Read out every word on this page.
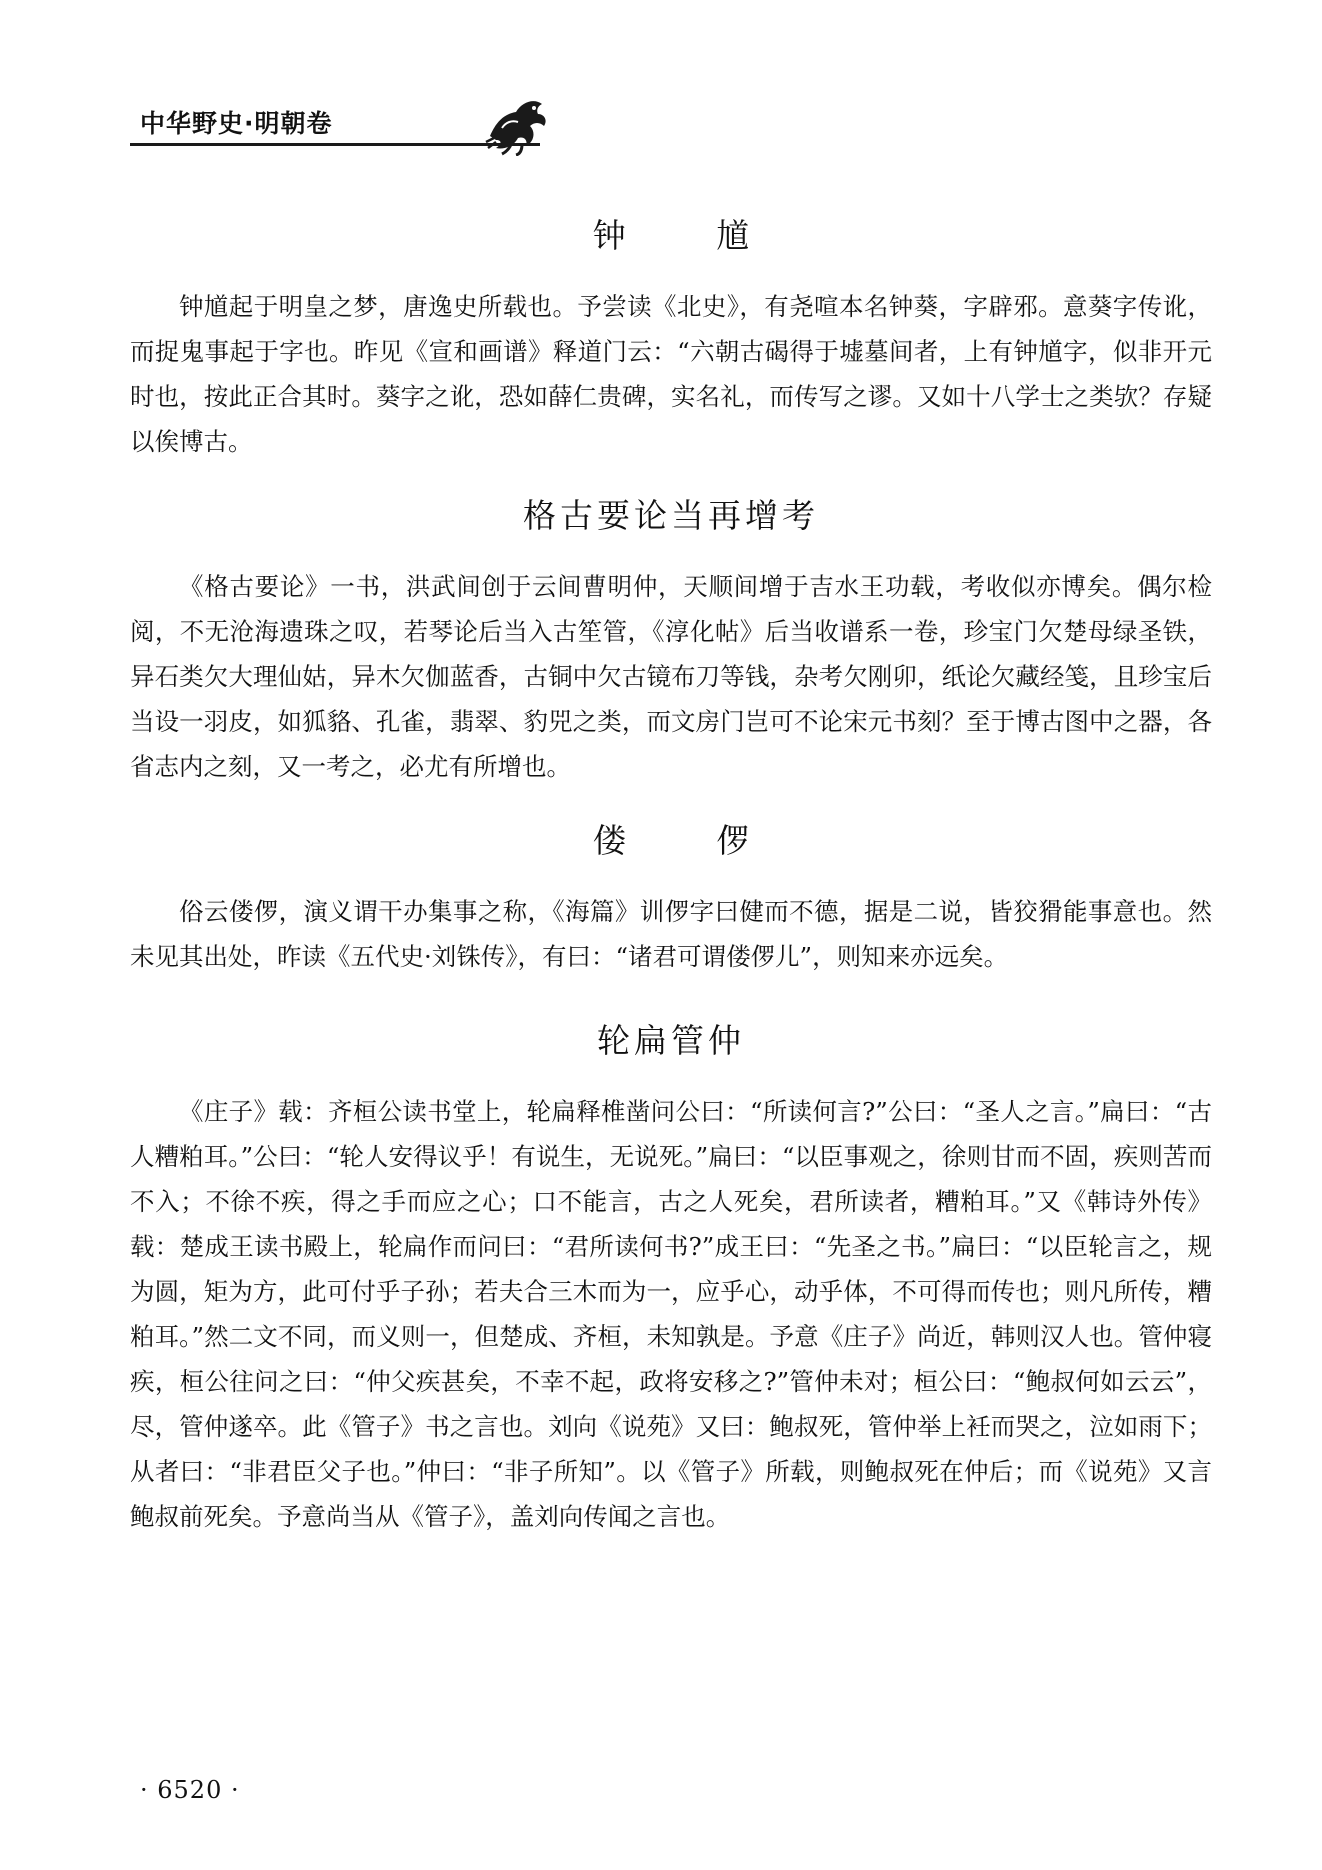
中华野史·明朝卷
钟 馗

钟馗起于明皇之梦，唐逸史所载也。予尝读《北史》，有尧喧本名钟葵，字辟邪。意葵字传讹，而捉鬼事起于字也。昨见《宣和画谱》释道门云：“六朝古碣得于墟墓间者，上有钟馗字，似非开元时也，按此正合其时。葵字之讹，恐如薛仁贵碑，实名礼，而传写之谬。又如十八学士之类欤？存疑以俟博古。

格古要论当再增考

《格古要论》一书，洪武间创于云间曹明仲，天顺间增于吉水王功载，考收似亦博矣。偶尔检阅，不无沧海遗珠之叹，若琴论后当入古笙管，《淳化帖》后当收谱系一卷，珍宝门欠楚母绿圣铁，异石类欠大理仙姑，异木欠伽蓝香，古铜中欠古镜布刀等钱，杂考欠刚卯，纸论欠藏经笺，且珍宝后当设一羽皮，如狐貉、孔雀，翡翠、豹兕之类，而文房门岂可不论宋元书刻？至于博古图中之器，各省志内之刻，又一考之，必尤有所增也。

偻 㑩

俗云偻㑩，演义谓干办集事之称，《海篇》训㑩字曰健而不德，据是二说，皆狡猾能事意也。然未见其出处，昨读《五代史·刘铢传》，有曰：“诸君可谓偻㑩儿”，则知来亦远矣。

轮扁管仲

《庄子》载：齐桓公读书堂上，轮扁释椎凿问公曰：“所读何言?”公曰：“圣人之言。”扁曰：“古人糟粕耳。”公曰：“轮人安得议乎！有说生，无说死。”扁曰：“以臣事观之，徐则甘而不固，疾则苦而不入；不徐不疾，得之手而应之心；口不能言，古之人死矣，君所读者，糟粕耳。”又《韩诗外传》载：楚成王读书殿上，轮扁作而问曰：“君所读何书?”成王曰：“先圣之书。”扁曰：“以臣轮言之，规为圆，矩为方，此可付乎子孙；若夫合三木而为一，应乎心，动乎体，不可得而传也；则凡所传，糟粕耳。”然二文不同，而义则一，但楚成、齐桓，未知孰是。予意《庄子》尚近，韩则汉人也。管仲寝疾，桓公往问之曰：“仲父疾甚矣，不幸不起，政将安移之?”管仲未对；桓公曰：“鲍叔何如云云”，尽，管仲遂卒。此《管子》书之言也。刘向《说苑》又曰：鲍叔死，管仲举上衽而哭之，泣如雨下；从者曰：“非君臣父子也。”仲曰：“非子所知”。以《管子》所载，则鲍叔死在仲后；而《说苑》又言鲍叔前死矣。予意尚当从《管子》，盖刘向传闻之言也。

· 6520 ·
